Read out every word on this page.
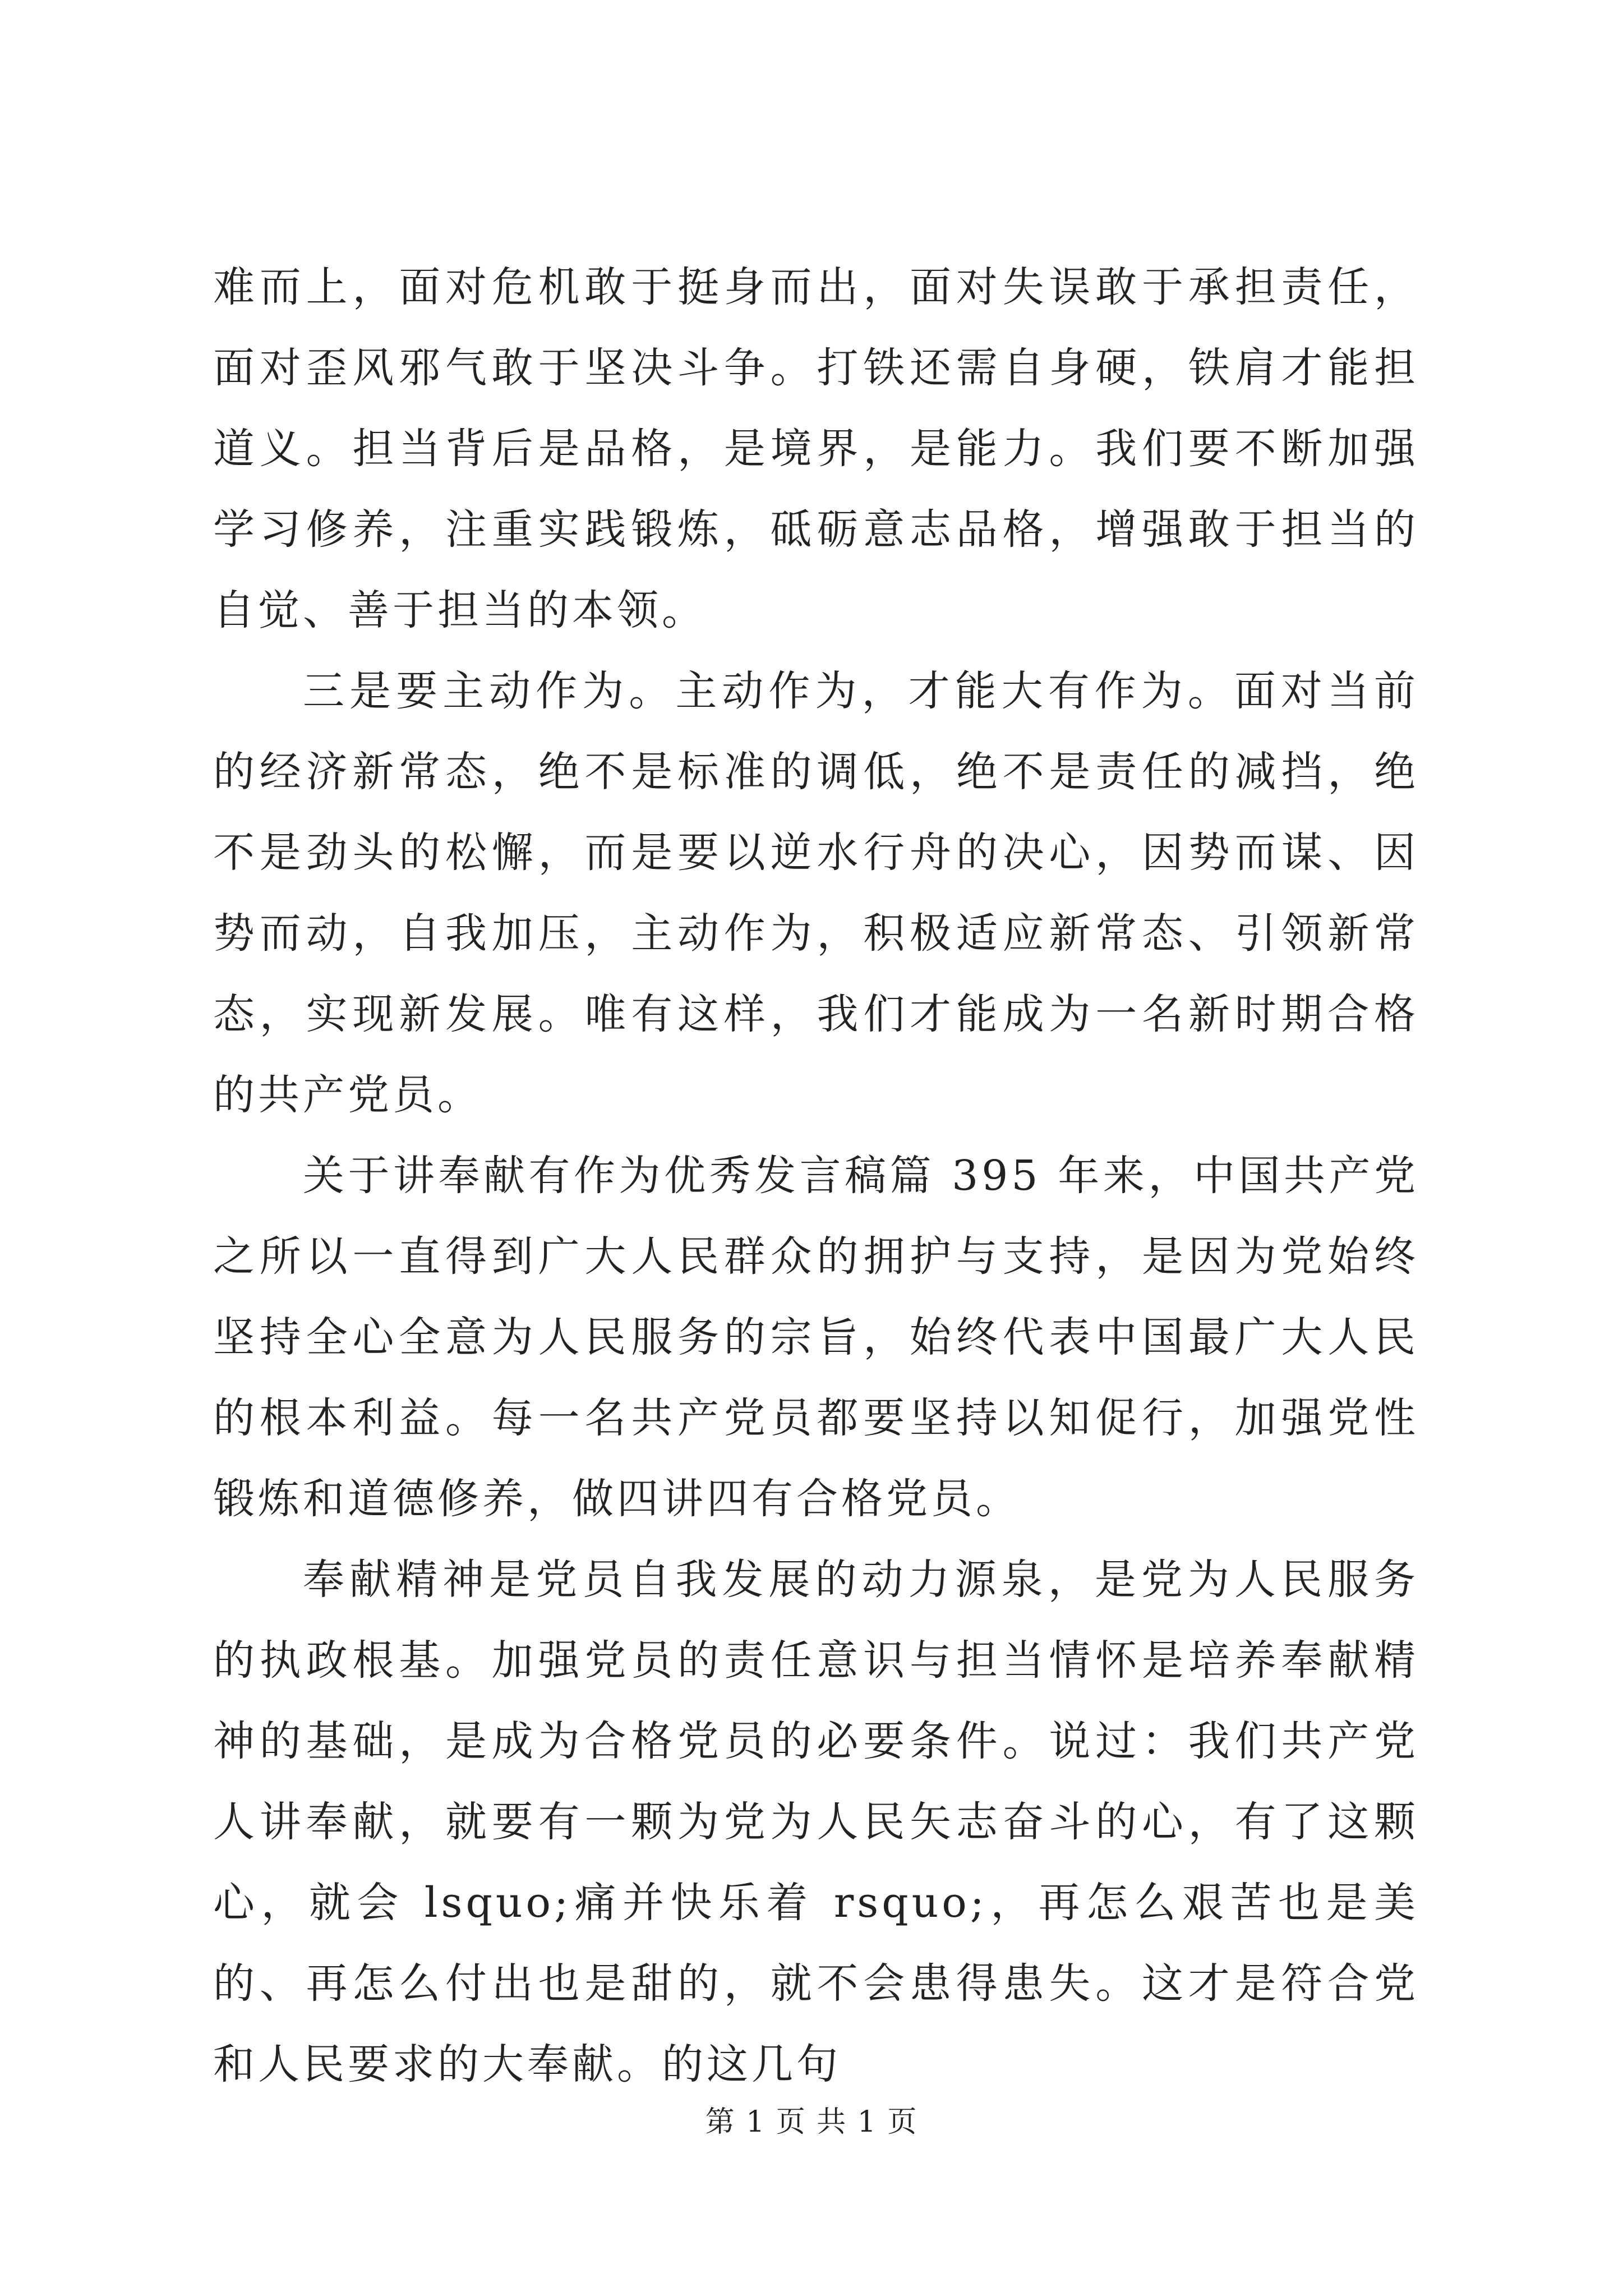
难而上，面对危机敢于挺身而出，面对失误敢于承担责任，面对歪风邪气敢于坚决斗争。打铁还需自身硬，铁肩才能担道义。担当背后是品格，是境界，是能力。我们要不断加强学习修养，注重实践锻炼，砥砺意志品格，增强敢于担当的自觉、善于担当的本领。

三是要主动作为。主动作为，才能大有作为。面对当前的经济新常态，绝不是标准的调低，绝不是责任的减挡，绝不是劲头的松懈，而是要以逆水行舟的决心，因势而谋、因势而动，自我加压，主动作为，积极适应新常态、引领新常态，实现新发展。唯有这样，我们才能成为一名新时期合格的共产党员。

关于讲奉献有作为优秀发言稿篇 395 年来，中国共产党之所以一直得到广大人民群众的拥护与支持，是因为党始终坚持全心全意为人民服务的宗旨，始终代表中国最广大人民的根本利益。每一名共产党员都要坚持以知促行，加强党性锻炼和道德修养，做四讲四有合格党员。

奉献精神是党员自我发展的动力源泉，是党为人民服务的执政根基。加强党员的责任意识与担当情怀是培养奉献精神的基础，是成为合格党员的必要条件。说过：我们共产党人讲奉献，就要有一颗为党为人民矢志奋斗的心，有了这颗心，就会 lsquo;痛并快乐着 rsquo;，再怎么艰苦也是美的、再怎么付出也是甜的，就不会患得患失。这才是符合党和人民要求的大奉献。的这几句

第 1 页 共 1 页
